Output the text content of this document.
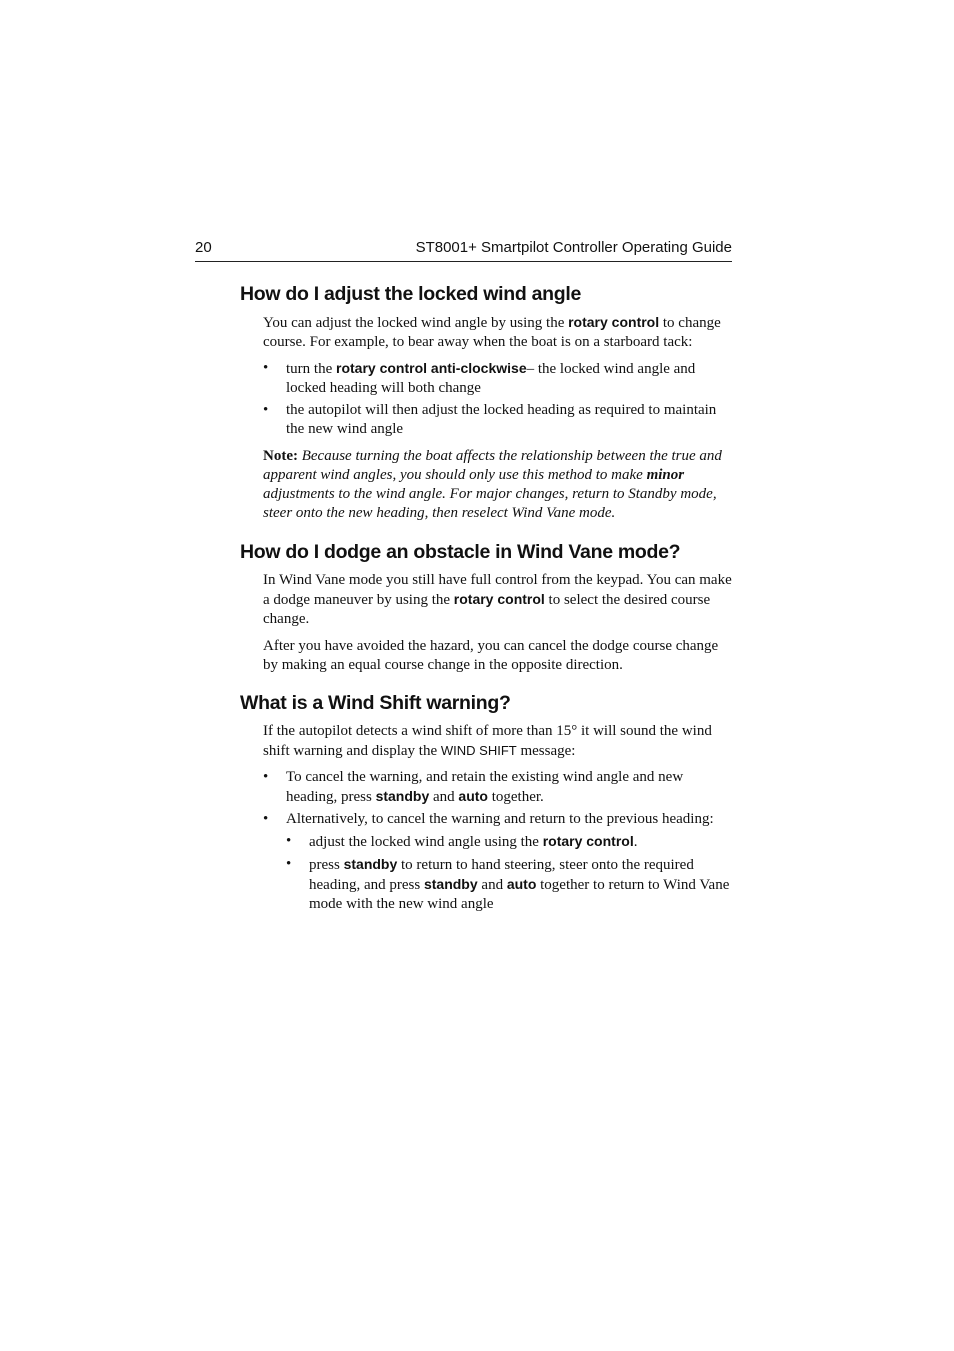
20	ST8001+ Smartpilot Controller Operating Guide
How do I adjust the locked wind angle

You can adjust the locked wind angle by using the rotary control to change course. For example, to bear away when the boat is on a starboard tack:

• turn the rotary control anti-clockwise– the locked wind angle and locked heading will both change
• the autopilot will then adjust the locked heading as required to maintain the new wind angle

Note: Because turning the boat affects the relationship between the true and apparent wind angles, you should only use this method to make minor adjustments to the wind angle. For major changes, return to Standby mode, steer onto the new heading, then reselect Wind Vane mode.

How do I dodge an obstacle in Wind Vane mode?

In Wind Vane mode you still have full control from the keypad. You can make a dodge maneuver by using the rotary control to select the desired course change.

After you have avoided the hazard, you can cancel the dodge course change by making an equal course change in the opposite direction.

What is a Wind Shift warning?

If the autopilot detects a wind shift of more than 15° it will sound the wind shift warning and display the WIND SHIFT message:

• To cancel the warning, and retain the existing wind angle and new heading, press standby and auto together.
• Alternatively, to cancel the warning and return to the previous heading:
• adjust the locked wind angle using the rotary control.
• press standby to return to hand steering, steer onto the required heading, and press standby and auto together to return to Wind Vane mode with the new wind angle
